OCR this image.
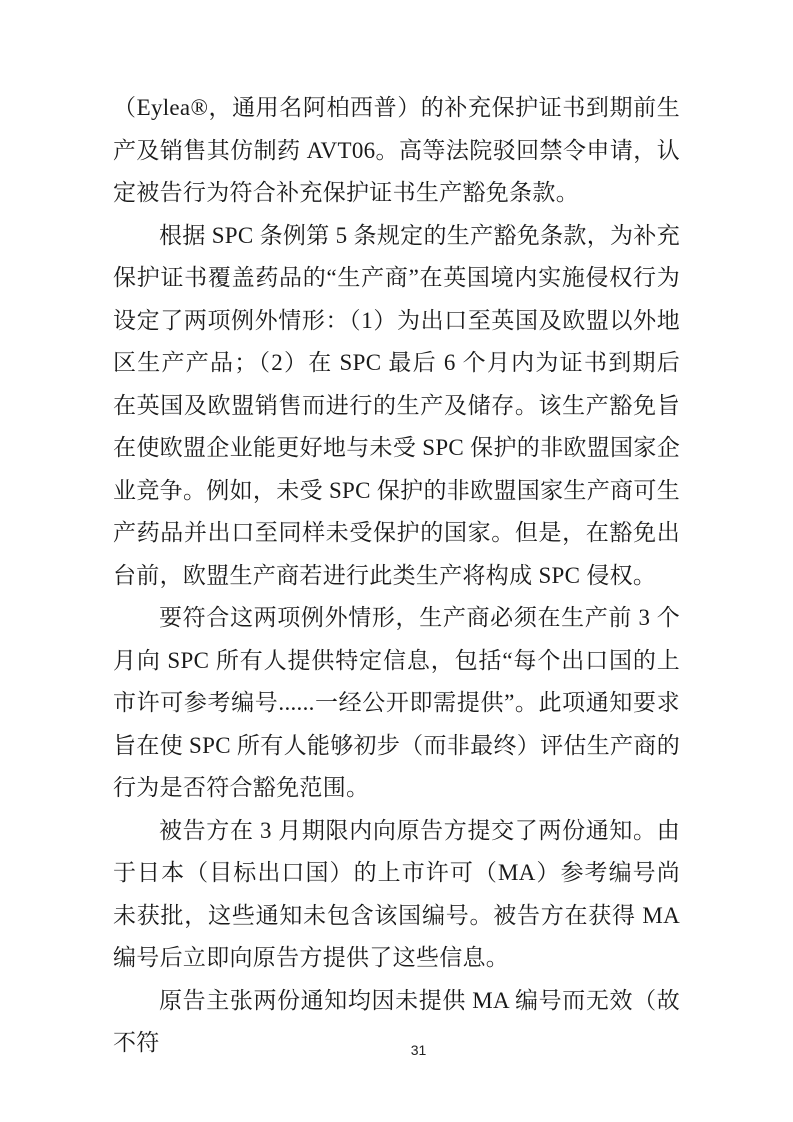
（Eylea®，通用名阿柏西普）的补充保护证书到期前生产及销售其仿制药 AVT06。高等法院驳回禁令申请，认定被告行为符合补充保护证书生产豁免条款。

根据 SPC 条例第 5 条规定的生产豁免条款，为补充保护证书覆盖药品的“生产商”在英国境内实施侵权行为设定了两项例外情形：（1）为出口至英国及欧盟以外地区生产产品；（2）在 SPC 最后 6 个月内为证书到期后在英国及欧盟销售而进行的生产及储存。该生产豁免旨在使欧盟企业能更好地与未受 SPC 保护的非欧盟国家企业竞争。例如，未受 SPC 保护的非欧盟国家生产商可生产药品并出口至同样未受保护的国家。但是，在豁免出台前，欧盟生产商若进行此类生产将构成 SPC 侵权。

要符合这两项例外情形，生产商必须在生产前 3 个月向 SPC 所有人提供特定信息，包括“每个出口国的上市许可参考编号......一经公开即需提供”。此项通知要求旨在使 SPC 所有人能够初步（而非最终）评估生产商的行为是否符合豁免范围。

被告方在 3 月期限内向原告方提交了两份通知。由于日本（目标出口国）的上市许可（MA）参考编号尚未获批，这些通知未包含该国编号。被告方在获得 MA 编号后立即向原告方提供了这些信息。

原告主张两份通知均因未提供 MA 编号而无效（故不符	31
